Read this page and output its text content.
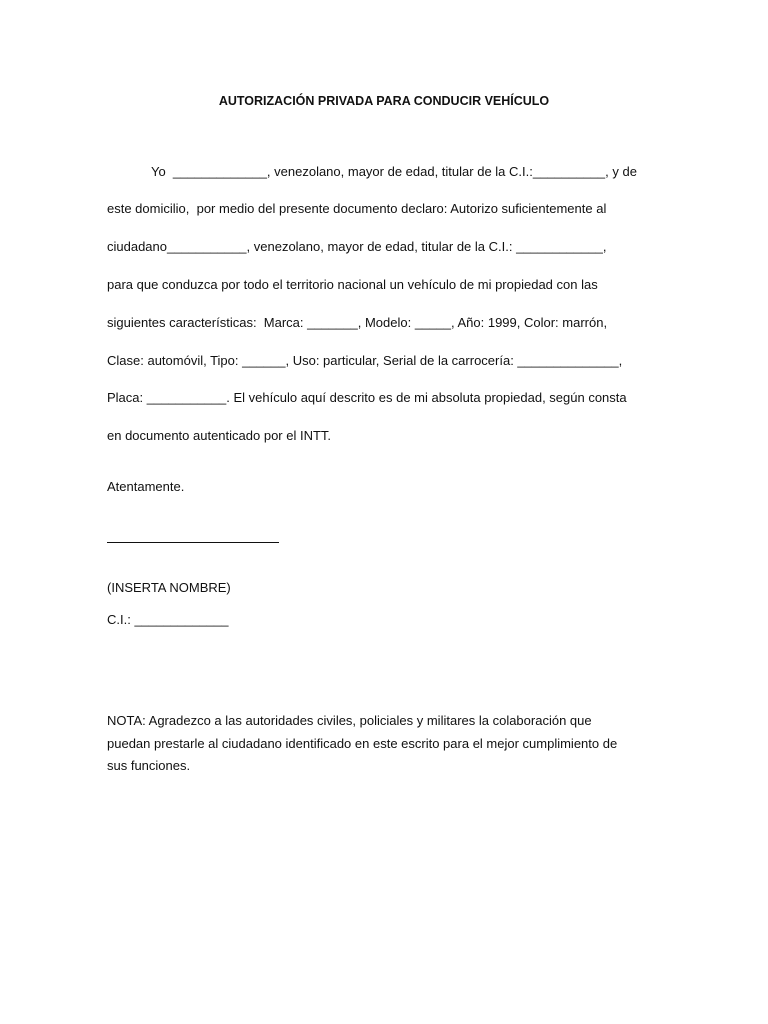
AUTORIZACIÓN PRIVADA PARA CONDUCIR VEHÍCULO
Yo  _____________, venezolano, mayor de edad, titular de la C.I.:__________, y de
este domicilio,  por medio del presente documento declaro: Autorizo suficientemente al
ciudadano___________, venezolano, mayor de edad, titular de la C.I.: ____________,
para que conduzca por todo el territorio nacional un vehículo de mi propiedad con las
siguientes características:  Marca: _______, Modelo: _____, Año: 1999, Color: marrón,
Clase: automóvil, Tipo: ______, Uso: particular, Serial de la carrocería: ______________,
Placa: ___________. El vehículo aquí descrito es de mi absoluta propiedad, según consta
en documento autenticado por el INTT.
Atentamente.
(INSERTA NOMBRE)
C.I.: _____________
NOTA: Agradezco a las autoridades civiles, policiales y militares la colaboración que
puedan prestarle al ciudadano identificado en este escrito para el mejor cumplimiento de
sus funciones.
